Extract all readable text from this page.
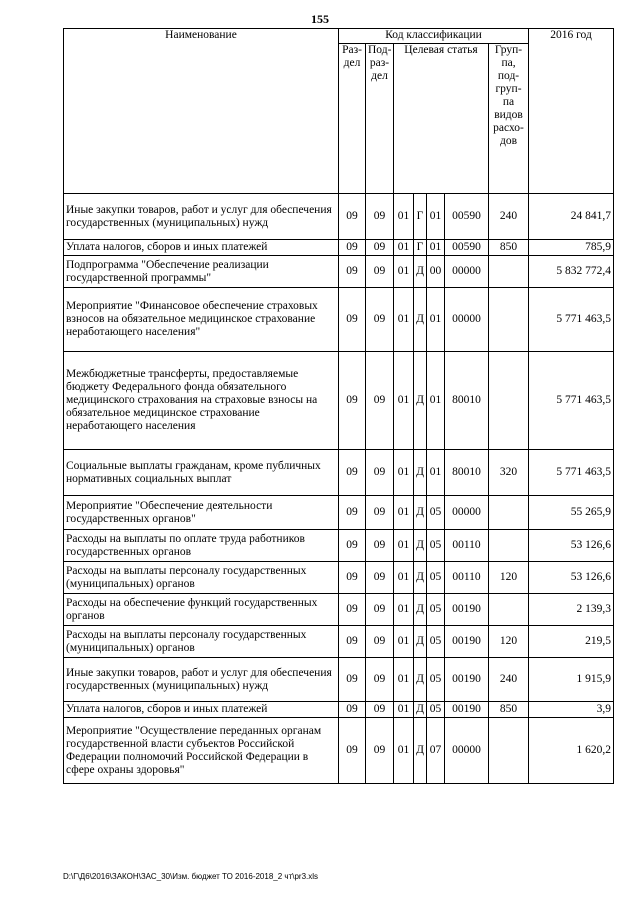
155
Наименование	Код классификации							2016 год
	Раз-дел	Под-раз-дел	Целевая статья				Груп-па, под-груп-па видов расхо-дов	
Иные закупки товаров, работ и услуг для обеспечения государственных (муниципальных) нужд	09	09	01	Г	01	00590	240	24 841,7
Уплата налогов, сборов и иных платежей	09	09	01	Г	01	00590	850	785,9
Подпрограмма "Обеспечение реализации государственной программы"	09	09	01	Д	00	00000		5 832 772,4
Мероприятие "Финансовое обеспечение страховых взносов на обязательное медицинское страхование неработающего населения"	09	09	01	Д	01	00000		5 771 463,5
Межбюджетные трансферты, предоставляемые бюджету Федерального фонда обязательного медицинского страхования на страховые взносы на обязательное медицинское страхование неработающего населения	09	09	01	Д	01	80010		5 771 463,5
Социальные выплаты гражданам, кроме публичных нормативных социальных выплат	09	09	01	Д	01	80010	320	5 771 463,5
Мероприятие "Обеспечение деятельности государственных органов"	09	09	01	Д	05	00000		55 265,9
Расходы на выплаты по оплате труда работников государственных органов	09	09	01	Д	05	00110		53 126,6
Расходы на выплаты персоналу государственных (муниципальных) органов	09	09	01	Д	05	00110	120	53 126,6
Расходы на обеспечение функций государственных органов	09	09	01	Д	05	00190		2 139,3
Расходы на выплаты персоналу государственных (муниципальных) органов	09	09	01	Д	05	00190	120	219,5
Иные закупки товаров, работ и услуг для обеспечения государственных (муниципальных) нужд	09	09	01	Д	05	00190	240	1 915,9
Уплата налогов, сборов и иных платежей	09	09	01	Д	05	00190	850	3,9
Мероприятие "Осуществление переданных органам государственной власти субъектов Российской Федерации полномочий Российской Федерации в сфере охраны здоровья"	09	09	01	Д	07	00000		1 620,2
D:\Г\Д6\2016\ЗАКОН\ЗАС_30\Изм. бюджет ТО 2016-2018_2 чт\pr3.xls
